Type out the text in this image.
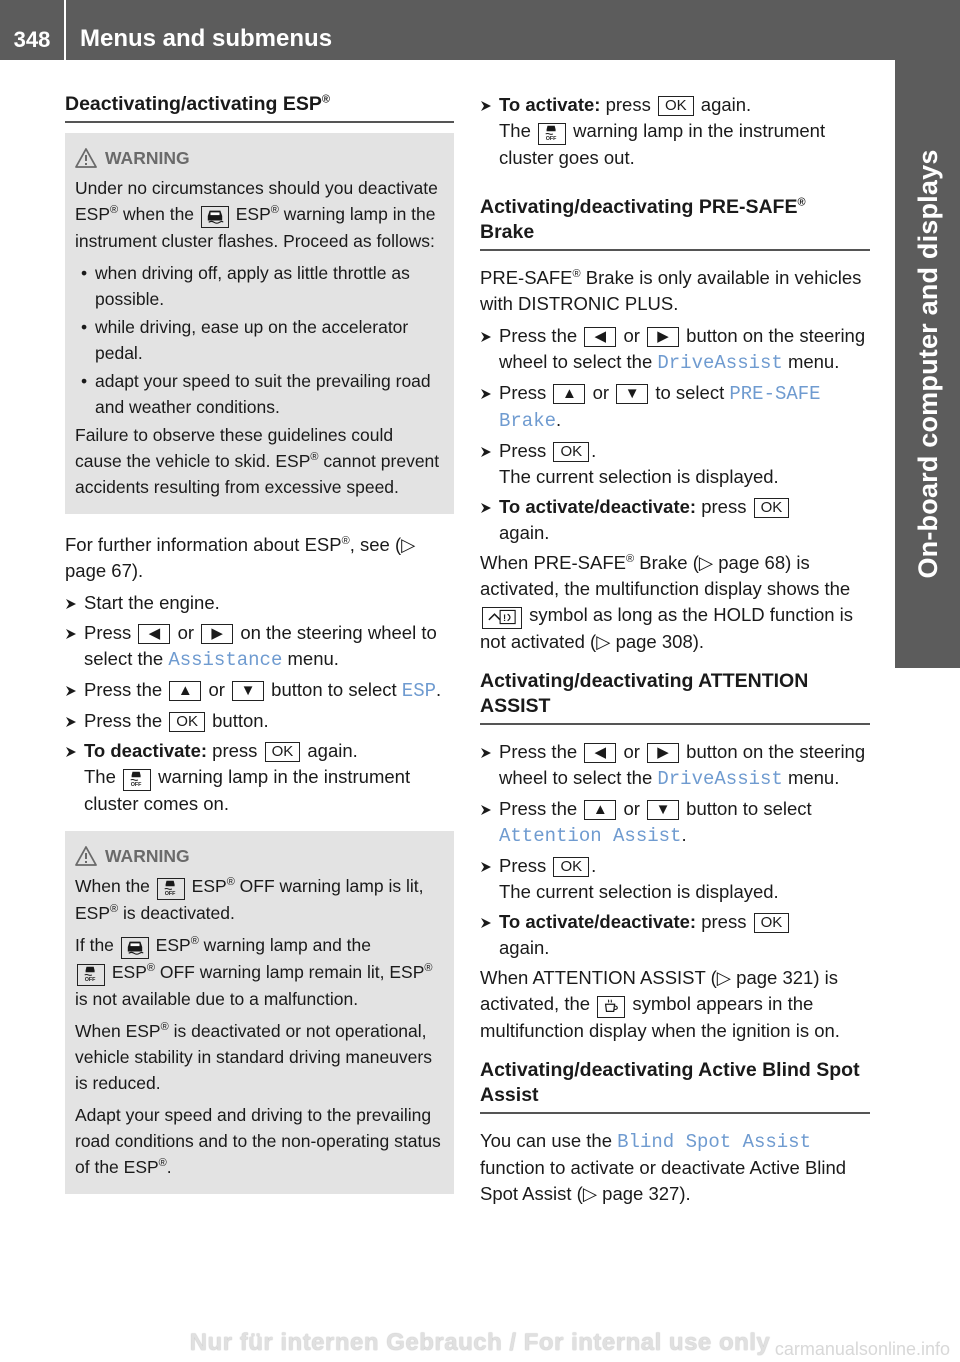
348	Menus and submenus
On-board computer and displays
Deactivating/activating ESP®
WARNING

Under no circumstances should you deactivate ESP® when the  ESP® warning lamp in the instrument cluster flashes. Proceed as follows:

• when driving off, apply as little throttle as possible.
• while driving, ease up on the accelerator pedal.
• adapt your speed to suit the prevailing road and weather conditions.

Failure to observe these guidelines could cause the vehicle to skid. ESP® cannot prevent accidents resulting from excessive speed.

For further information about ESP®, see (▷ page 67).

Start the engine.
Press ◀ or ▶ on the steering wheel to select the Assistance menu.
Press the ▲ or ▼ button to select ESP.
Press the OK button.
To deactivate: press OK again.
The warning lamp in the instrument cluster comes on.
WARNING

When the ESP® OFF warning lamp is lit, ESP® is deactivated.

If the ESP® warning lamp and the
ESP® OFF warning lamp remain lit, ESP® is not available due to a malfunction.

When ESP® is deactivated or not operational, vehicle stability in standard driving maneuvers is reduced.

Adapt your speed and driving to the prevailing road conditions and to the non-operating status of the ESP®.

To activate: press OK again.
The warning lamp in the instrument cluster goes out.
Activating/deactivating PRE-SAFE®
Brake

PRE-SAFE® Brake is only available in vehicles with DISTRONIC PLUS.

Press the ◀ or ▶ button on the steering wheel to select the DriveAssist menu.
Press ▲ or ▼ to select PRE-SAFE Brake.
Press OK .
The current selection is displayed.
To activate/deactivate: press OK
again.

When PRE-SAFE® Brake (▷ page 68) is activated, the multifunction display shows the  symbol as long as the HOLD function is not activated (▷ page 308).

Activating/deactivating ATTENTION ASSIST
Press the ◀ or ▶ button on the steering wheel to select the DriveAssist menu.
Press the ▲ or ▼ button to select Attention Assist.
Press OK .
The current selection is displayed.
To activate/deactivate: press OK
again.

When ATTENTION ASSIST (▷ page 321) is activated, the symbol appears in the multifunction display when the ignition is on.

Activating/deactivating Active Blind Spot Assist

You can use the Blind Spot Assist
function to activate or deactivate Active Blind Spot Assist (▷ page 327).

Nur für internen Gebrauch / For internal use only carmanualsonline.info
